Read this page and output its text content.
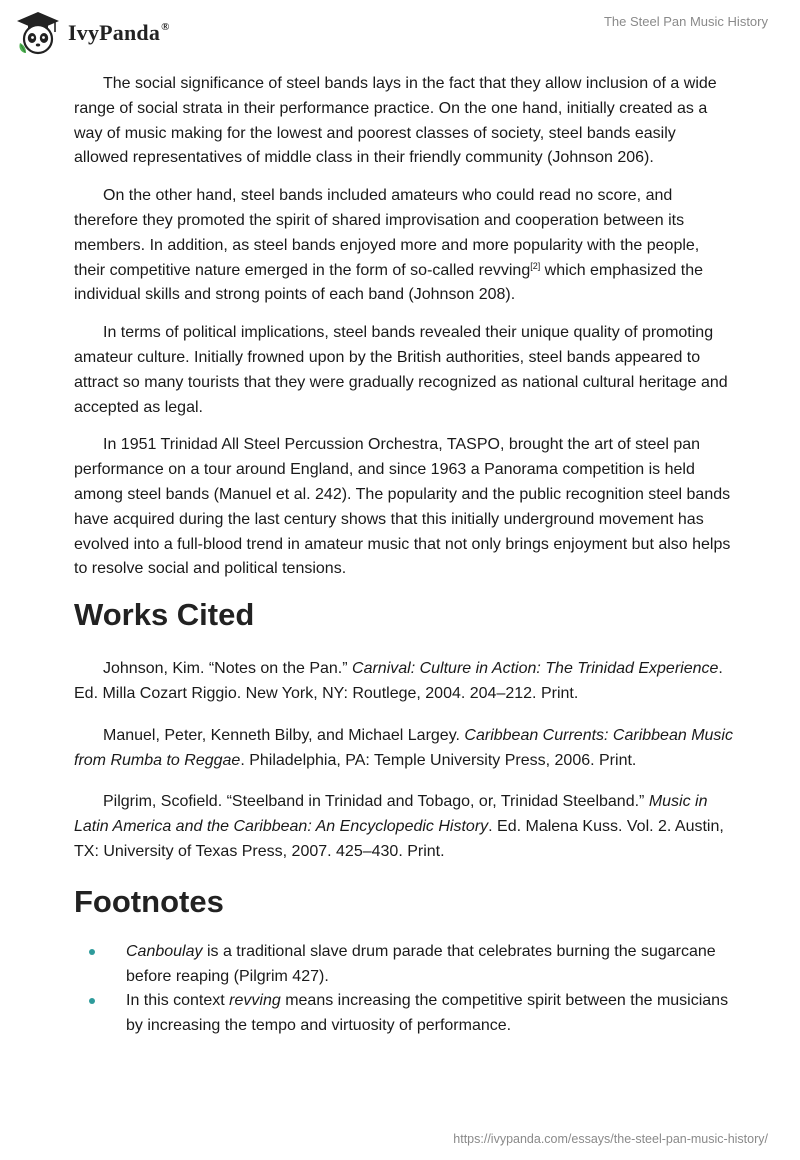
IvyPanda®	The Steel Pan Music History

The social significance of steel bands lays in the fact that they allow inclusion of a wide range of social strata in their performance practice. On the one hand, initially created as a way of music making for the lowest and poorest classes of society, steel bands easily allowed representatives of middle class in their friendly community (Johnson 206).

On the other hand, steel bands included amateurs who could read no score, and therefore they promoted the spirit of shared improvisation and cooperation between its members. In addition, as steel bands enjoyed more and more popularity with the people, their competitive nature emerged in the form of so-called revving[2] which emphasized the individual skills and strong points of each band (Johnson 208).

In terms of political implications, steel bands revealed their unique quality of promoting amateur culture. Initially frowned upon by the British authorities, steel bands appeared to attract so many tourists that they were gradually recognized as national cultural heritage and accepted as legal.

In 1951 Trinidad All Steel Percussion Orchestra, TASPO, brought the art of steel pan performance on a tour around England, and since 1963 a Panorama competition is held among steel bands (Manuel et al. 242). The popularity and the public recognition steel bands have acquired during the last century shows that this initially underground movement has evolved into a full-blood trend in amateur music that not only brings enjoyment but also helps to resolve social and political tensions.

Works Cited

Johnson, Kim. “Notes on the Pan.” Carnival: Culture in Action: The Trinidad Experience. Ed. Milla Cozart Riggio. New York, NY: Routlege, 2004. 204–212. Print.

Manuel, Peter, Kenneth Bilby, and Michael Largey. Caribbean Currents: Caribbean Music from Rumba to Reggae. Philadelphia, PA: Temple University Press, 2006. Print.

Pilgrim, Scofield. “Steelband in Trinidad and Tobago, or, Trinidad Steelband.” Music in Latin America and the Caribbean: An Encyclopedic History. Ed. Malena Kuss. Vol. 2. Austin, TX: University of Texas Press, 2007. 425–430. Print.

Footnotes
Canboulay is a traditional slave drum parade that celebrates burning the sugarcane before reaping (Pilgrim 427).
In this context revving means increasing the competitive spirit between the musicians by increasing the tempo and virtuosity of performance.
https://ivypanda.com/essays/the-steel-pan-music-history/
